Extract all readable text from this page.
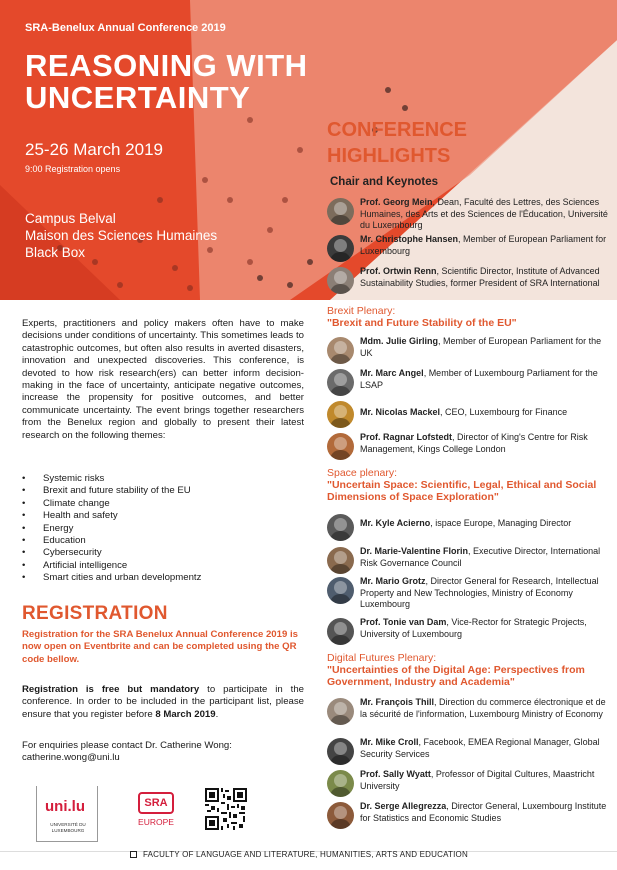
SRA-Benelux Annual Conference 2019
REASONING WITH
UNCERTAINTY
25-26 March 2019
9:00 Registration opens
Campus Belval
Maison des Sciences Humaines
Black Box

Experts, practitioners and policy makers often have to make decisions under conditions of uncertainty. This sometimes leads to catastrophic outcomes, but often also results in averted disasters, innovation and unexpected discoveries. This conference, is devoted to how risk research(ers) can better inform decision-making in the face of uncertainty, anticipate negative outcomes, increase the propensity for positive outcomes, and better communicate uncertainty. The event brings together researchers from the Benelux region and globally to present their latest research on the following themes:

•	Systemic risks
•	Brexit and future stability of the EU
•	Climate change
•	Health and safety
•	Energy
•	Education
•	Cybersecurity
•	Artificial intelligence
•	Smart cities and urban developmentz
REGISTRATION

Registration for the SRA Benelux Annual Conference 2019 is now open on Eventbrite and can be completed using the QR code bellow.

Registration is free but mandatory to participate in the conference. In order to be included in the participant list, please ensure that you register before 8 March 2019.

For enquiries please contact Dr. Catherine Wong:
catherine.wong@uni.lu
uni.lu
UNIVERSITÉ DU LUXEMBOURG
SRA
EUROPE
FACULTY OF LANGUAGE AND LITERATURE, HUMANITIES, ARTS AND EDUCATION
CONFERENCE
HIGHLIGHTS
Chair and Keynotes
Prof. Georg Mein, Dean, Faculté des Lettres, des Sciences Humaines, des Arts et des Sciences de l'Éducation, Université du Luxembourg
Mr. Christophe Hansen, Member of European Parliament for Luxembourg
Prof. Ortwin Renn, Scientific Director, Institute of Advanced Sustainability Studies, former President of SRA International
Brexit Plenary:
"Brexit and Future Stability of the EU"
Mdm. Julie Girling, Member of European Parliament for the UK
Mr. Marc Angel, Member of Luxembourg Parliament for the LSAP
Mr. Nicolas Mackel, CEO, Luxembourg for Finance
Prof. Ragnar Lofstedt, Director of King's Centre for Risk Management, Kings College London
Space plenary:
"Uncertain Space: Scientific, Legal, Ethical and Social Dimensions of Space Exploration"
Mr. Kyle Acierno, ispace Europe, Managing Director
Dr. Marie-Valentine Florin, Executive Director, International Risk Governance Council
Mr. Mario Grotz, Director General for Research, Intellectual Property and New Technologies, Ministry of Economy Luxembourg
Prof. Tonie van Dam, Vice-Rector for Strategic Projects, University of Luxembourg
Digital Futures Plenary:
"Uncertainties of the Digital Age: Perspectives from Government, Industry and Academia"
Mr. François Thill, Direction du commerce électronique et de la sécurité de l'information, Luxembourg Ministry of Economy
Mr. Mike Croll, Facebook, EMEA Regional Manager, Global Security Services
Prof. Sally Wyatt, Professor of Digital Cultures, Maastricht University
Dr. Serge Allegrezza, Director General, Luxembourg Institute for Statistics and Economic Studies
